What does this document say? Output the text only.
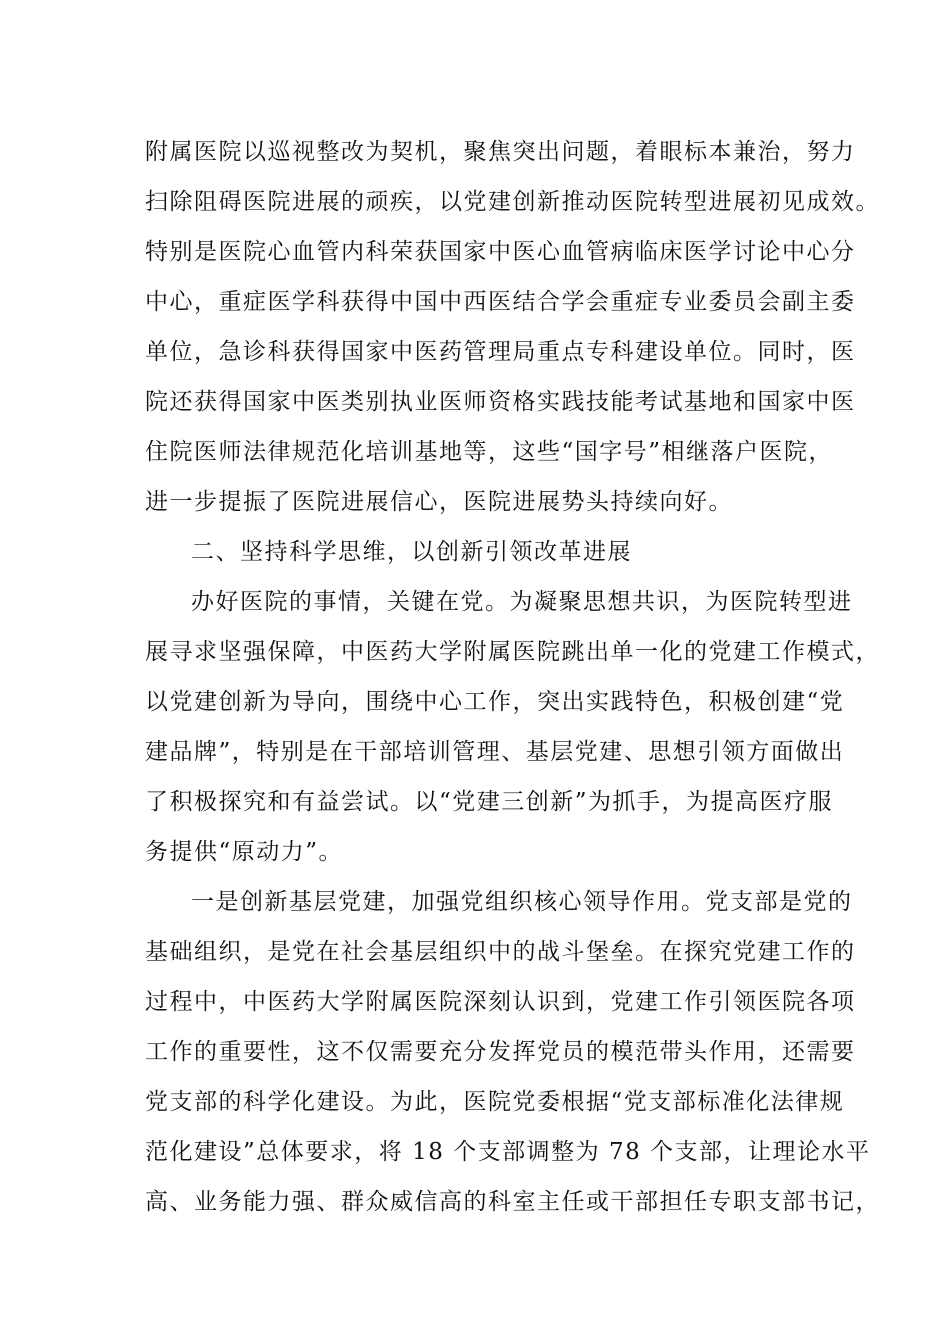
附属医院以巡视整改为契机，聚焦突出问题，着眼标本兼治，努力
扫除阻碍医院进展的顽疾，以党建创新推动医院转型进展初见成效。
特别是医院心血管内科荣获国家中医心血管病临床医学讨论中心分
中心，重症医学科获得中国中西医结合学会重症专业委员会副主委
单位，急诊科获得国家中医药管理局重点专科建设单位。同时，医
院还获得国家中医类别执业医师资格实践技能考试基地和国家中医
住院医师法律规范化培训基地等，这些“国字号”相继落户医院，
进一步提振了医院进展信心，医院进展势头持续向好。
二、坚持科学思维，以创新引领改革进展
办好医院的事情，关键在党。为凝聚思想共识，为医院转型进
展寻求坚强保障，中医药大学附属医院跳出单一化的党建工作模式，
以党建创新为导向，围绕中心工作，突出实践特色，积极创建“党
建品牌”，特别是在干部培训管理、基层党建、思想引领方面做出
了积极探究和有益尝试。以“党建三创新”为抓手，为提高医疗服
务提供“原动力”。
一是创新基层党建，加强党组织核心领导作用。党支部是党的
基础组织，是党在社会基层组织中的战斗堡垒。在探究党建工作的
过程中，中医药大学附属医院深刻认识到，党建工作引领医院各项
工作的重要性，这不仅需要充分发挥党员的模范带头作用，还需要
党支部的科学化建设。为此，医院党委根据“党支部标准化法律规
范化建设”总体要求，将 18 个支部调整为 78 个支部，让理论水平
高、业务能力强、群众威信高的科室主任或干部担任专职支部书记，
